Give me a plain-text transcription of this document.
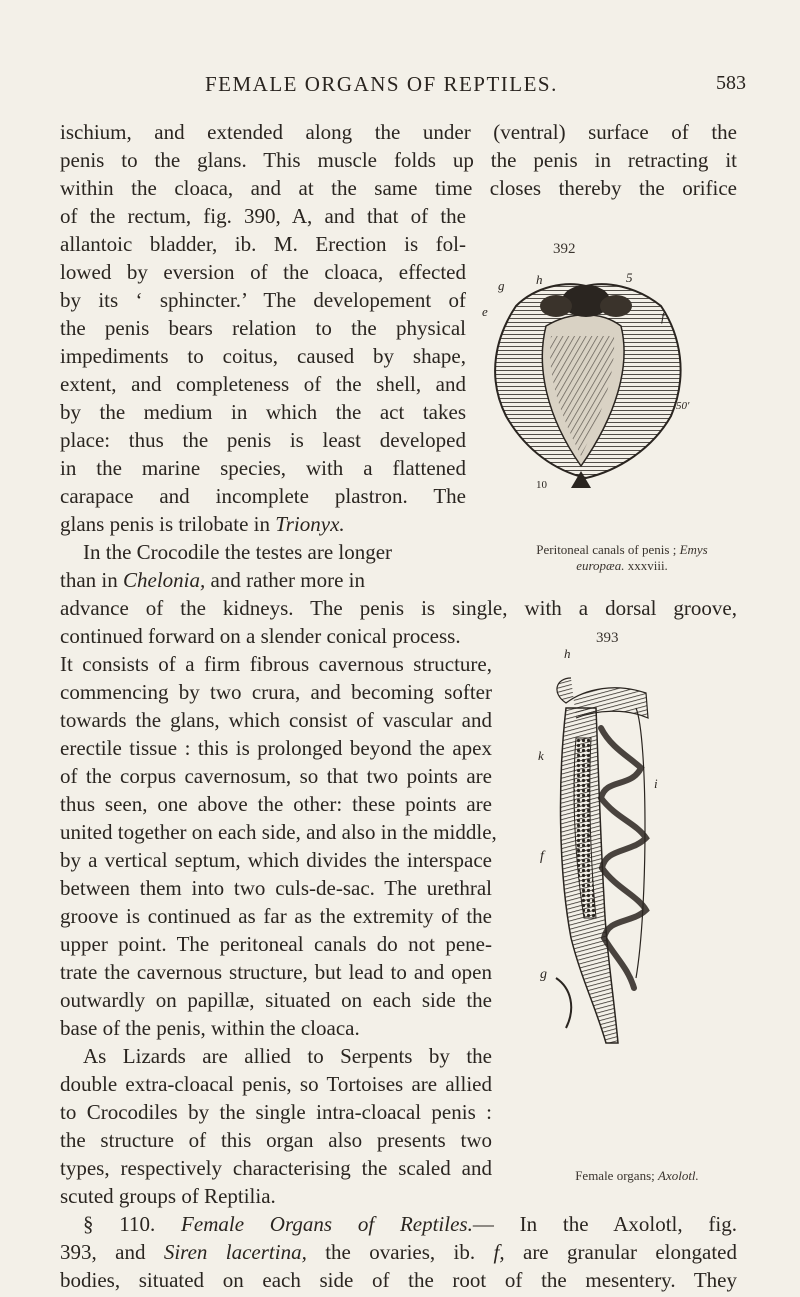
FEMALE ORGANS OF REPTILES.	583
ischium, and extended along the under (ventral) surface of the
penis to the glans. This muscle folds up the penis in retracting it
within the cloaca, and at the same time closes thereby the orifice
of the rectum, fig. 390, A, and that of the
allantoic bladder, ib. M. Erection is fol-
lowed by eversion of the cloaca, effected
by its ‘ sphincter.’ The developement of
the penis bears relation to the physical
impediments to coitus, caused by shape,
extent, and completeness of the shell, and
by the medium in which the act takes
place: thus the penis is least developed
in the marine species, with a flattened
carapace and incomplete plastron. The
glans penis is trilobate in Trionyx.
In the Crocodile the testes are longer
than in Chelonia, and rather more in
advance of the kidneys. The penis is single, with a dorsal groove,
continued forward on a slender conical process.
It consists of a firm fibrous cavernous structure,
commencing by two crura, and becoming softer
towards the glans, which consist of vascular and
erectile tissue : this is prolonged beyond the apex
of the corpus cavernosum, so that two points are
thus seen, one above the other: these points are
united together on each side, and also in the middle,
by a vertical septum, which divides the interspace
between them into two culs-de-sac. The urethral
groove is continued as far as the extremity of the
upper point. The peritoneal canals do not pene-
trate the cavernous structure, but lead to and open
outwardly on papillæ, situated on each side the
base of the penis, within the cloaca.
As Lizards are allied to Serpents by the
double extra-cloacal penis, so Tortoises are allied
to Crocodiles by the single intra-cloacal penis :
the structure of this organ also presents two
types, respectively characterising the scaled and
scuted groups of Reptilia.
§ 110. Female Organs of Reptiles.— In the Axolotl, fig.
393, and Siren lacertina, the ovaries, ib. f, are granular elongated
bodies, situated on each side of the root of the mesentery. They
392
g h	5
e	f
10
50′
Peritoneal canals of penis ; Emys
europæa. xxxviii.
393
h
k
i
f
g
Female organs; Axolotl.
